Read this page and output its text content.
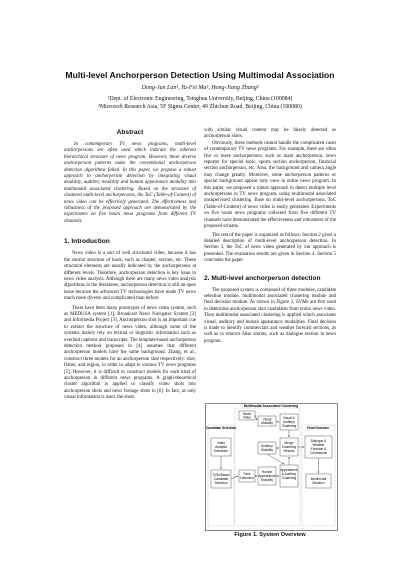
Multi-level Anchorperson Detection Using Multimodal Association
Dong-Jun Lan¹, Yu-Fei Ma², Hong-Jiang Zhang²
¹Dept. of Electronic Engineering, Tsinghua University, Beijing, China (100084)
²Microsoft Research Asia, 5F Sigma Center, 49 Zhichun Road, Beijing, China (100080)
Abstract

In contemporary TV news programs, multi-level anchorpersons are often used which indicate the inherent hierarchical structure of news program. However, these diverse anchorperson patterns make the conventional anchorperson detection algorithms failed. In this paper, we propose a robust approach to anchorperson detection by integrating visual modality, auditory modality and human appearance modality into multimodal associated clustering. Based on the structure of clustered multi-level anchorpersons, the ToC (Table-of-Content) of news video can be effectively generated. The effectiveness and robustness of the proposed approach are demonstrated by the experiments on five hours news programs from different TV channels.

1. Introduction

News video is a sort of well structured video, because it has the similar structure of book, such as chapter, section, etc. These structural elements are usually indicated by the anchorpersons at different levels. Therefore, anchorperson detection is key issue in news video analysis. Although there are many news video analysis algorithms in the literatures, anchorperson detection is still an open issue because the advanced TV technologies have made TV news much more diverse and complicated than before.

There have been many prototypes of news video system, such as MEDUSA system [1], Broadcast News Navigator System [2] and Informedia Project [3]. Anchorperson shot is an important cue to extract the structure of news video, although some of the systems mainly rely on textual or linguistic information such as overlaid captions and transcripts. The template-based anchorperson detection method proposed in [4] assumes that different anchorperson models have the same background. Zhang, et al., construct three models for an anchorperson shot respectively: shot, frame, and region, in order to adapt to various TV news programs [5]. However, it is difficult to construct models for each kind of anchorperson in different news programs. A graph-theoretical cluster algorithm is applied to classify video shots into anchorperson shots and news footage shots in [6]. In fact, as only visual information is used, the shots

with similar visual content may be falsely detected as anchorperson shots.

Obviously, these methods cannot handle the complicated cases of contemporary TV news programs. For example, there are often five or more anchorpersons, such as main anchorperson, news reporter for special topic, sports section anchorperson, financial section anchorperson, etc. Also, the background and camera angle may change greatly. Moreover, some anchorperson patterns or special background appear only once in entire news program. In this paper, we proposed a robust approach to detect multiple level anchorpersons in TV news program, using multimodal associated unsupervised clustering. Base on multi-level anchorpersons, ToC (Table-of-Content) of news video is easily generated. Experiments on five hours news programs collected from five different TV channels have demonstrated the effectiveness and robustness of the proposed scheme.

The rest of the paper is organized as follows. Section 2 gives a detailed description of multi-level anchorperson detection. In Section 3, the ToC of news video generated by our approach is presented. The evaluation results are given in Section 4. Section 5 concludes the paper.

2. Multi-level anchorperson detection

The proposed system is composed of three modules, candidate selection module, multimodal associated clustering module and final decision module. As shown in Figure 1, SVMs are first used to determine anchorperson shot candidates from entire news video. Then multimodal associated clustering is applied which associates visual, auditory and human appearance modalities. Final decision is made to identify commercials and weather forecast sections, as well as to remove false alarms, such as dialogue section in news program.

Multimodal Associated Clustering
News
Video	Visual
Modality
Visual &
Auditory
Clustering
Candidate Selection	Final Decision
Video
Analysis
Extraction
Auditory
Modality
Merge
Clustering
Results
Dialogue &
Weather
Forecast &
Commercial
SVM Based
Candidate
Selection
Face
Detection
Human
Appearance
Modality
Appearance
& Auditory
Clustering	Multimodal
Decision
Figure 1. System Overview
